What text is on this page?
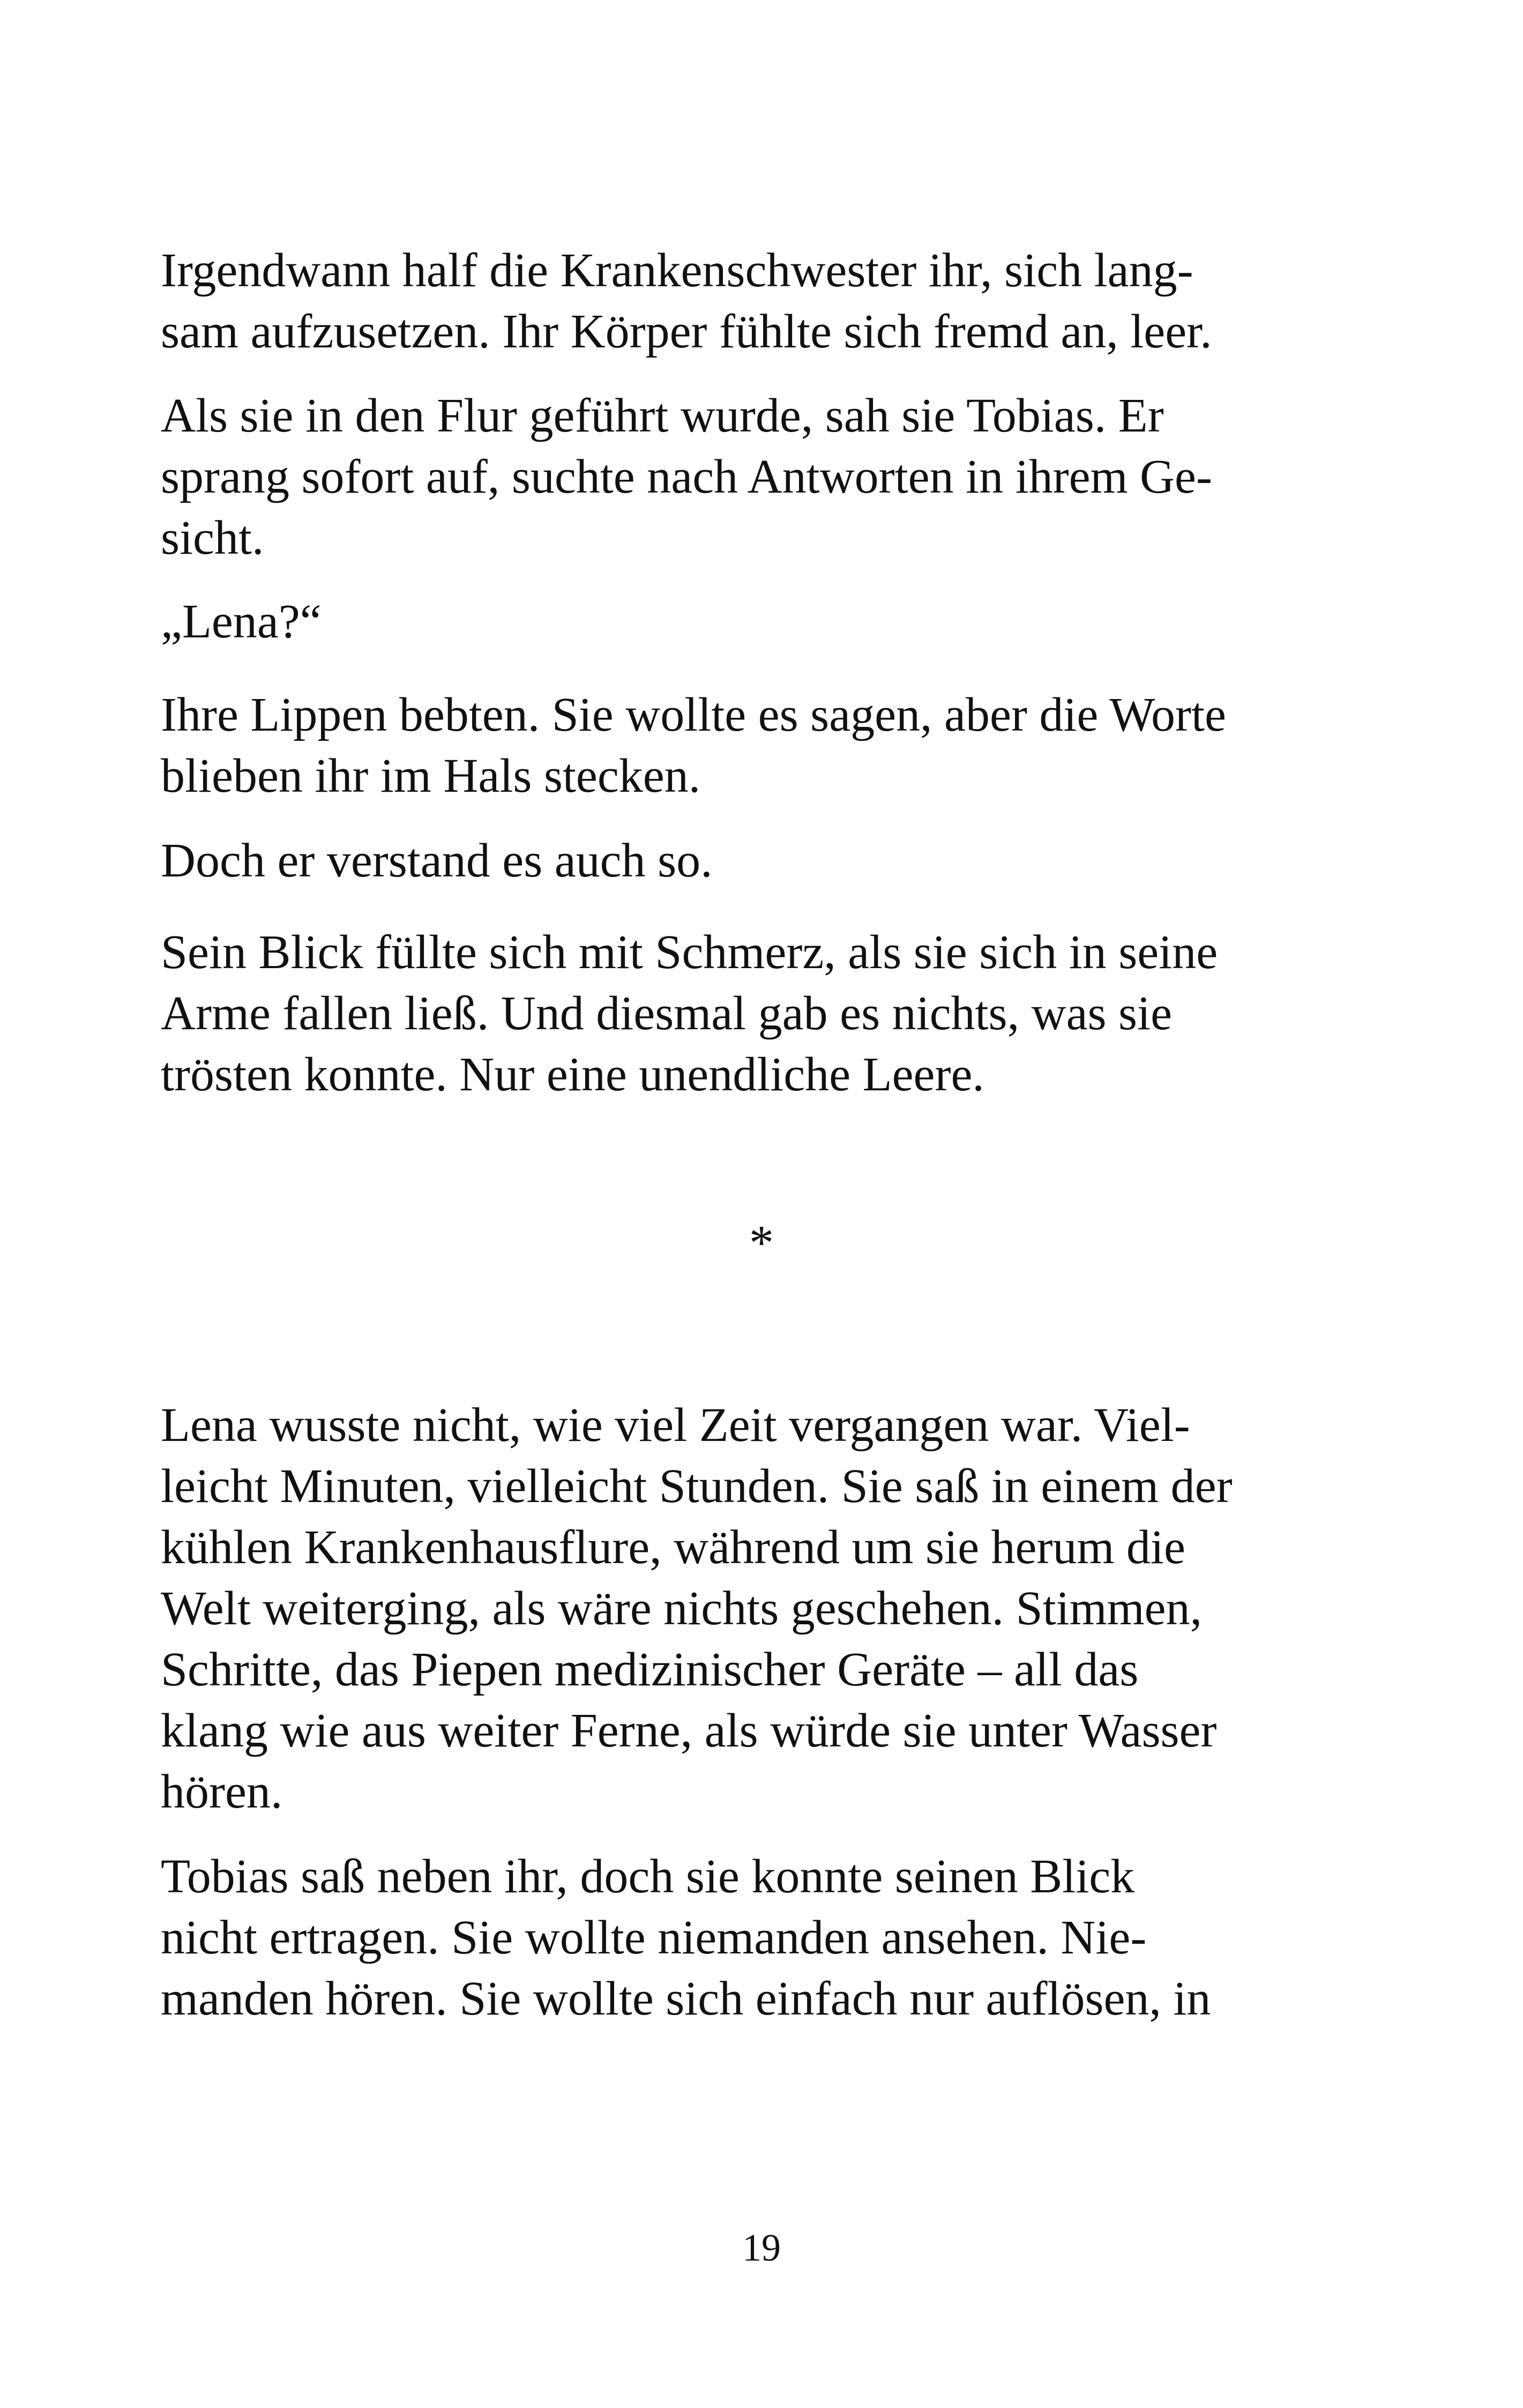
Irgendwann half die Krankenschwester ihr, sich lang-
sam aufzusetzen. Ihr Körper fühlte sich fremd an, leer.
Als sie in den Flur geführt wurde, sah sie Tobias. Er
sprang sofort auf, suchte nach Antworten in ihrem Ge-
sicht.
„Lena?“
Ihre Lippen bebten. Sie wollte es sagen, aber die Worte
blieben ihr im Hals stecken.
Doch er verstand es auch so.
Sein Blick füllte sich mit Schmerz, als sie sich in seine
Arme fallen ließ. Und diesmal gab es nichts, was sie
trösten konnte. Nur eine unendliche Leere.
*
Lena wusste nicht, wie viel Zeit vergangen war. Viel-
leicht Minuten, vielleicht Stunden. Sie saß in einem der
kühlen Krankenhausflure, während um sie herum die
Welt weiterging, als wäre nichts geschehen. Stimmen,
Schritte, das Piepen medizinischer Geräte – all das
klang wie aus weiter Ferne, als würde sie unter Wasser
hören.
Tobias saß neben ihr, doch sie konnte seinen Blick
nicht ertragen. Sie wollte niemanden ansehen. Nie-
manden hören. Sie wollte sich einfach nur auflösen, in
19
